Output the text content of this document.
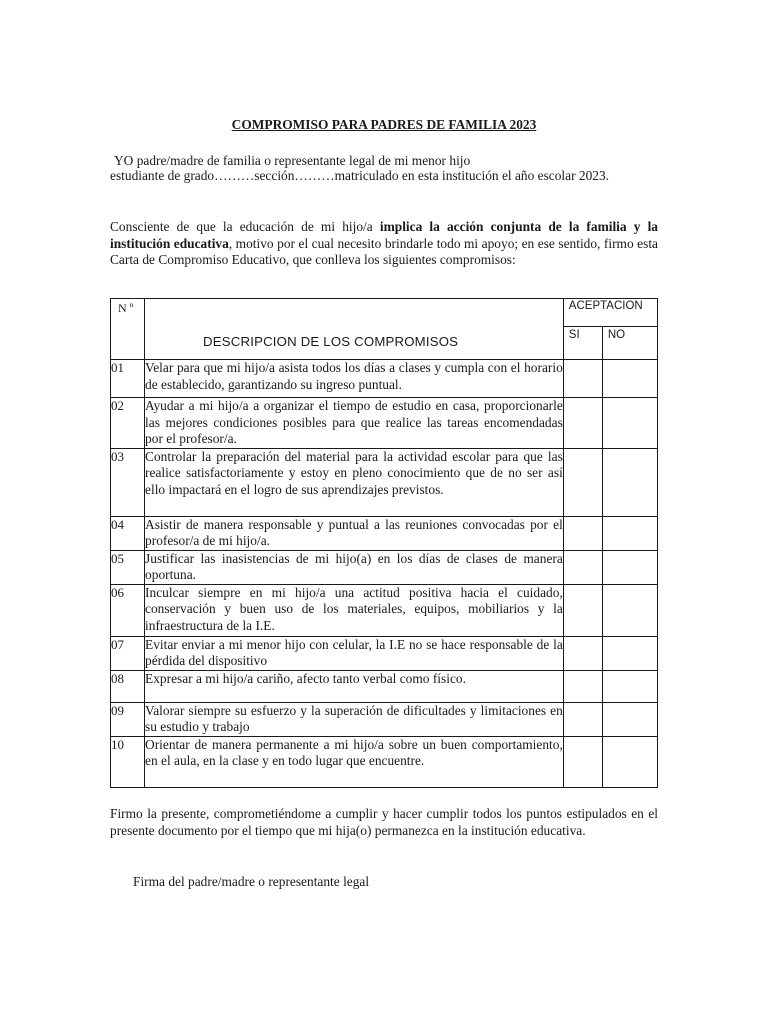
COMPROMISO PARA PADRES DE FAMILIA 2023
YO padre/madre de familia o representante legal de mi menor hijo
estudiante de grado………sección………matriculado en esta institución el año escolar 2023.
Consciente de que la educación de mi hijo/a implica la acción conjunta de la familia y la institución educativa, motivo por el cual necesito brindarle todo mi apoyo; en ese sentido, firmo esta Carta de Compromiso Educativo, que conlleva los siguientes compromisos:
N º	DESCRIPCION DE LOS COMPROMISOS	ACEPTACION	
		SI	NO
01	Velar para que mi hijo/a asista todos los días a clases y cumpla con el horario de establecido, garantizando su ingreso puntual.		
02	Ayudar a mi hijo/a a organizar el tiempo de estudio en casa, proporcionarle las mejores condiciones posibles para que realice las tareas encomendadas por el profesor/a.		
03	Controlar la preparación del material para la actividad escolar para que las realice satisfactoriamente y estoy en pleno conocimiento que de no ser así ello impactará en el logro de sus aprendizajes previstos.		
04	Asistir de manera responsable y puntual a las reuniones convocadas por el profesor/a de mi hijo/a.		
05	Justificar las inasistencias de mi hijo(a) en los días de clases de manera oportuna.		
06	Inculcar siempre en mi hijo/a una actitud positiva hacia el cuidado, conservación y buen uso de los materiales, equipos, mobiliarios y la infraestructura de la I.E.		
07	Evitar enviar a mi menor hijo con celular, la I.E no se hace responsable de la pérdida del dispositivo		
08	Expresar a mi hijo/a cariño, afecto tanto verbal como físico.		
09	Valorar siempre su esfuerzo y la superación de dificultades y limitaciones en su estudio y trabajo		
10	Orientar de manera permanente a mi hijo/a sobre un buen comportamiento, en el aula, en la clase y en todo lugar que encuentre.		
Firmo la presente, comprometiéndome a cumplir y hacer cumplir todos los puntos estipulados en el presente documento por el tiempo que mi hija(o) permanezca en la institución educativa.
Firma del padre/madre o representante legal
